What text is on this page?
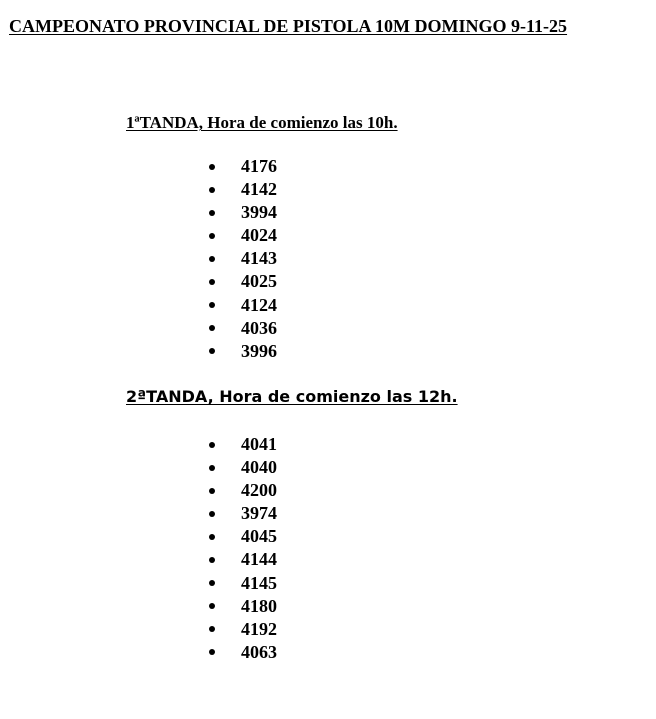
CAMPEONATO PROVINCIAL DE PISTOLA 10M DOMINGO 9-11-25
1ªTANDA, Hora de comienzo las 10h.
4176
4142
3994
4024
4143
4025
4124
4036
3996
2ªTANDA, Hora de comienzo las 12h.
4041
4040
4200
3974
4045
4144
4145
4180
4192
4063
